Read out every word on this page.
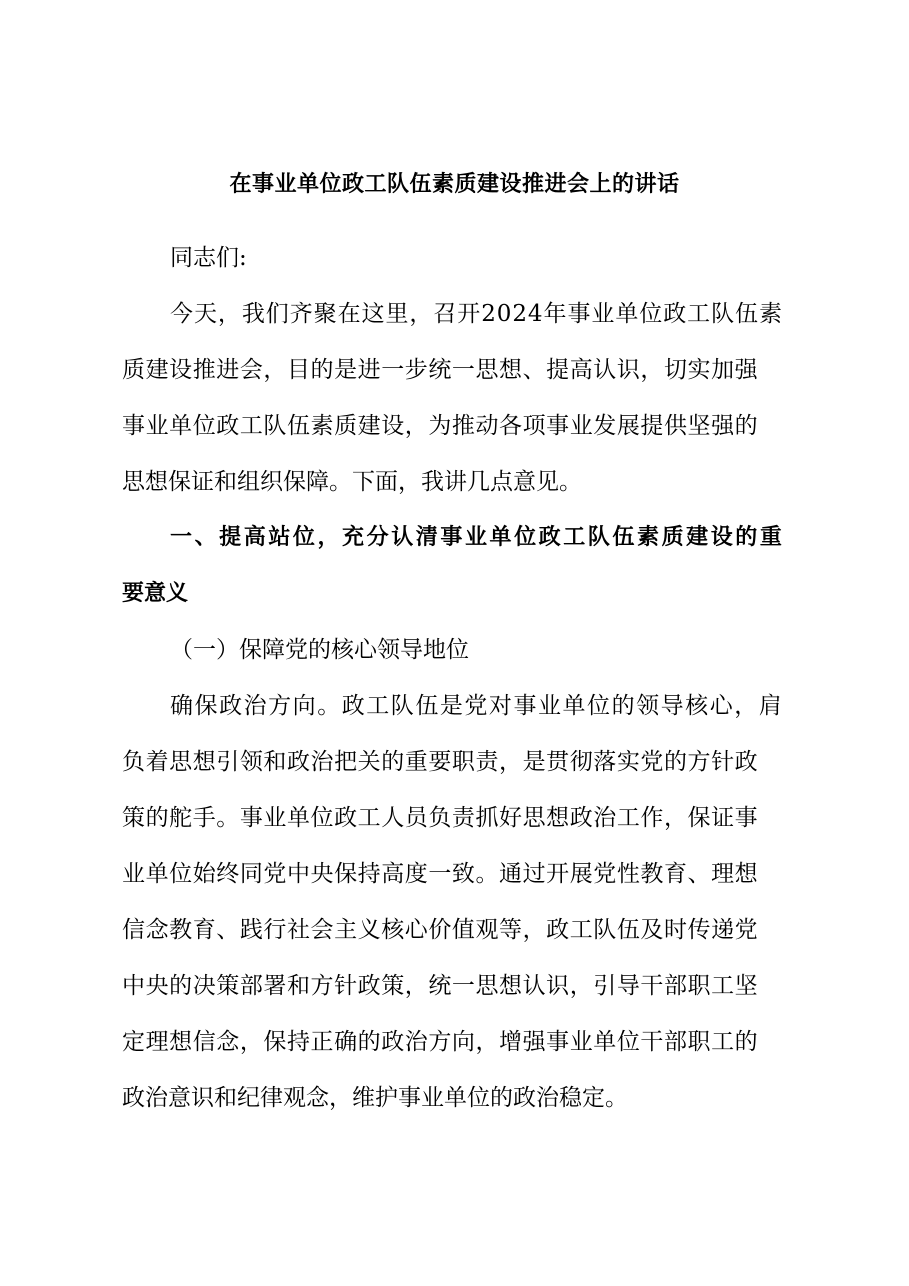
在事业单位政工队伍素质建设推进会上的讲话

同志们:

今 天 ， 我 们 齐 聚 在 这 里 ， 召 开 2 0 2 4 年 事 业 单 位 政 工 队 伍 素

质 建 设 推 进 会 ， 目 的 是 进 一 步 统 一 思 想 、 提 高 认 识 ， 切 实 加 强

事 业 单 位 政 工 队 伍 素 质 建 设 ， 为 推 动 各 项 事 业 发 展 提 供 坚 强 的

思想保证和组织保障。下面，我讲几点意见。

一 、 提 高 站 位 ， 充 分 认 清 事 业 单 位 政 工 队 伍 素 质 建 设 的 重

要意义

（一）保障党的核心领导地位

确 保 政 治 方 向 。 政 工 队 伍 是 党 对 事 业 单 位 的 领 导 核 心 ， 肩

负 着 思 想 引 领 和 政 治 把 关 的 重 要 职 责 ， 是 贯 彻 落 实 党 的 方 针 政

策 的 舵 手 。 事 业 单 位 政 工 人 员 负 责 抓 好 思 想 政 治 工 作 ， 保 证 事

业 单 位 始 终 同 党 中 央 保 持 高 度 一 致 。 通 过 开 展 党 性 教 育 、 理 想

信 念 教 育 、 践 行 社 会 主 义 核 心 价 值 观 等 ， 政 工 队 伍 及 时 传 递 党

中 央 的 决 策 部 署 和 方 针 政 策 ， 统 一 思 想 认 识 ， 引 导 干 部 职 工 坚

定 理 想 信 念 ， 保 持 正 确 的 政 治 方 向 ， 增 强 事 业 单 位 干 部 职 工 的

政治意识和纪律观念，维护事业单位的政治稳定。
